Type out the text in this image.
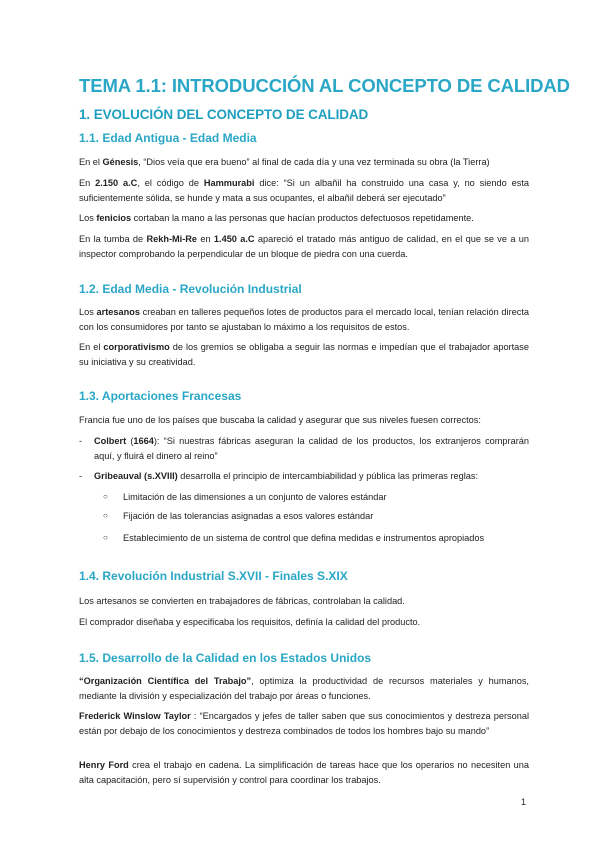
TEMA 1.1: INTRODUCCIÓN AL CONCEPTO DE CALIDAD
1. EVOLUCIÓN DEL CONCEPTO DE CALIDAD
1.1. Edad Antigua - Edad Media
En el Génesis, “Dios veía que era bueno” al final de cada día y una vez terminada su obra (la Tierra)
En 2.150 a.C, el código de Hammurabi dice: “Si un albañil ha construido una casa y, no siendo esta suficientemente sólida, se hunde y mata a sus ocupantes, el albañil deberá ser ejecutado”
Los fenicios cortaban la mano a las personas que hacían productos defectuosos repetidamente.
En la tumba de Rekh-Mi-Re en 1.450 a.C apareció el tratado más antiguo de calidad, en el que se ve a un inspector comprobando la perpendicular de un bloque de piedra con una cuerda.
1.2. Edad Media - Revolución Industrial
Los artesanos creaban en talleres pequeños lotes de productos para el mercado local, tenían relación directa con los consumidores por tanto se ajustaban lo máximo a los requisitos de estos.
En el corporativismo de los gremios se obligaba a seguir las normas e impedían que el trabajador aportase su iniciativa y su creatividad.
1.3. Aportaciones Francesas
Francia fue uno de los países que buscaba la calidad y asegurar que sus niveles fuesen correctos:
- Colbert (1664): “Si nuestras fábricas aseguran la calidad de los productos, los extranjeros comprarán aquí, y fluirá el dinero al reino”
- Gribeauval (s.XVIII) desarrolla el principio de intercambiabilidad y pública las primeras reglas:
○ Limitación de las dimensiones a un conjunto de valores estándar
○ Fijación de las tolerancias asignadas a esos valores estándar
○ Establecimiento de un sistema de control que defina medidas e instrumentos apropiados
1.4. Revolución Industrial S.XVII - Finales S.XIX
Los artesanos se convierten en trabajadores de fábricas, controlaban la calidad.
El comprador diseñaba y especificaba los requisitos, definía la calidad del producto.
1.5. Desarrollo de la Calidad en los Estados Unidos
“Organización Científica del Trabajo”, optimiza la productividad de recursos materiales y humanos, mediante la división y especialización del trabajo por áreas o funciones.
Frederick Winslow Taylor : “Encargados y jefes de taller saben que sus conocimientos y destreza personal están por debajo de los conocimientos y destreza combinados de todos los hombres bajo su mando”
Henry Ford crea el trabajo en cadena. La simplificación de tareas hace que los operarios no necesiten una alta capacitación, pero sí supervisión y control para coordinar los trabajos.
1
